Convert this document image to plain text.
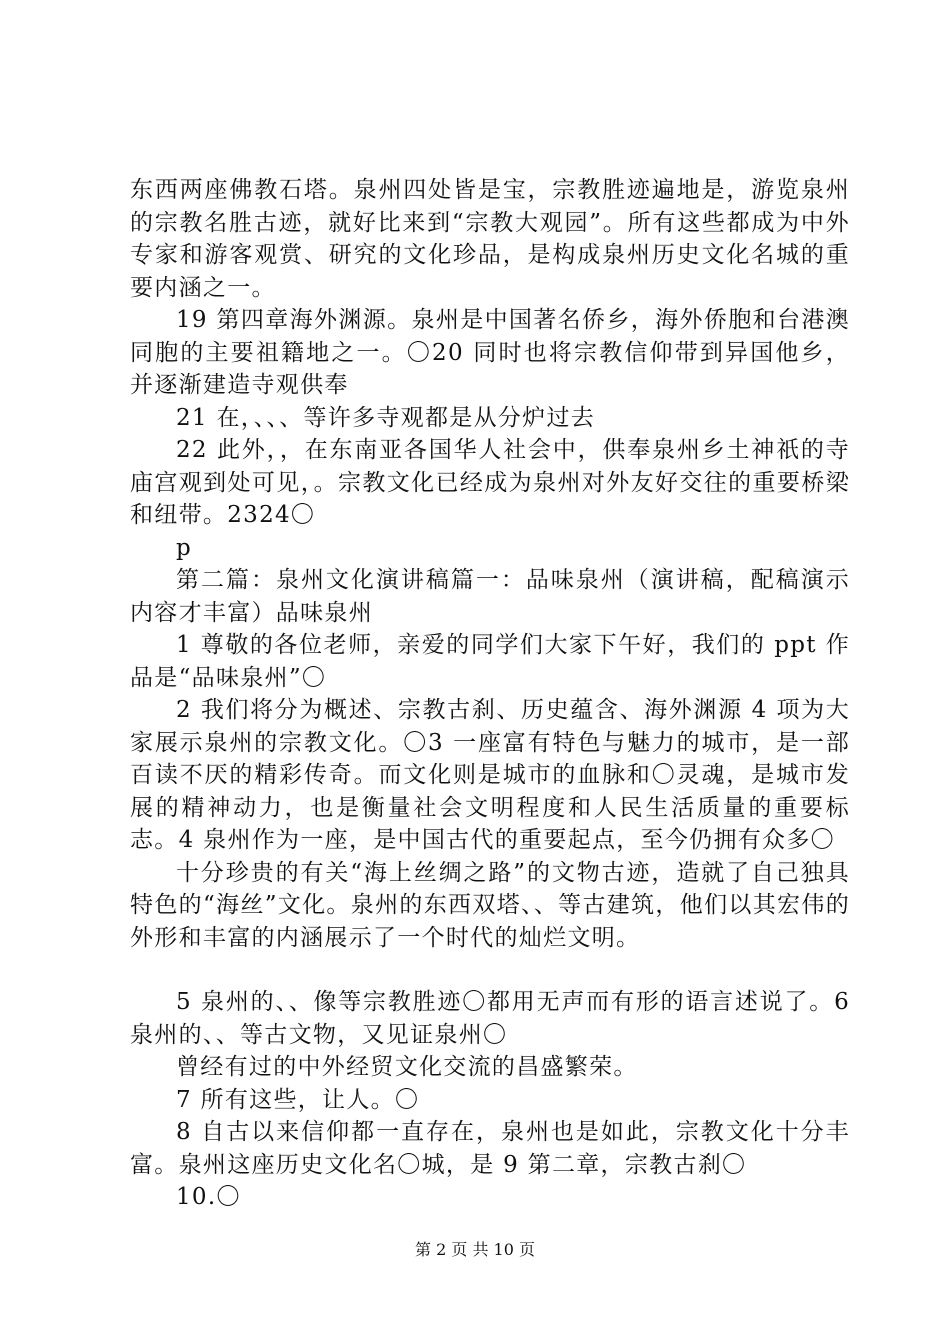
东西两座佛教石塔。泉州四处皆是宝，宗教胜迹遍地是，游览泉州的宗教名胜古迹，就好比来到“宗教大观园”。所有这些都成为中外专家和游客观赏、研究的文化珍品，是构成泉州历史文化名城的重要内涵之一。

19 第四章海外渊源。泉州是中国著名侨乡，海外侨胞和台港澳同胞的主要祖籍地之一。〇20 同时也将宗教信仰带到异国他乡，并逐渐建造寺观供奉

21 在，、、、等许多寺观都是从分炉过去

22 此外，，在东南亚各国华人社会中，供奉泉州乡土神祇的寺庙宫观到处可见，。宗教文化已经成为泉州对外友好交往的重要桥梁和纽带。2324〇

p

第二篇：泉州文化演讲稿篇一：品味泉州（演讲稿，配稿演示内容才丰富）品味泉州

1 尊敬的各位老师，亲爱的同学们大家下午好，我们的 ppt 作品是“品味泉州”〇

2 我们将分为概述、宗教古刹、历史蕴含、海外渊源 4 项为大家展示泉州的宗教文化。〇3 一座富有特色与魅力的城市，是一部百读不厌的精彩传奇。而文化则是城市的血脉和〇灵魂，是城市发展的精神动力，也是衡量社会文明程度和人民生活质量的重要标志。4 泉州作为一座，是中国古代的重要起点，至今仍拥有众多〇

十分珍贵的有关“海上丝绸之路”的文物古迹，造就了自己独具特色的“海丝”文化。泉州的东西双塔、、等古建筑，他们以其宏伟的外形和丰富的内涵展示了一个时代的灿烂文明。

5 泉州的、、像等宗教胜迹〇都用无声而有形的语言述说了。6 泉州的、、等古文物，又见证泉州〇

曾经有过的中外经贸文化交流的昌盛繁荣。

7 所有这些，让人。〇

8 自古以来信仰都一直存在，泉州也是如此，宗教文化十分丰富。泉州这座历史文化名〇城，是 9 第二章，宗教古刹〇

10.〇

第 2 页 共 10 页
